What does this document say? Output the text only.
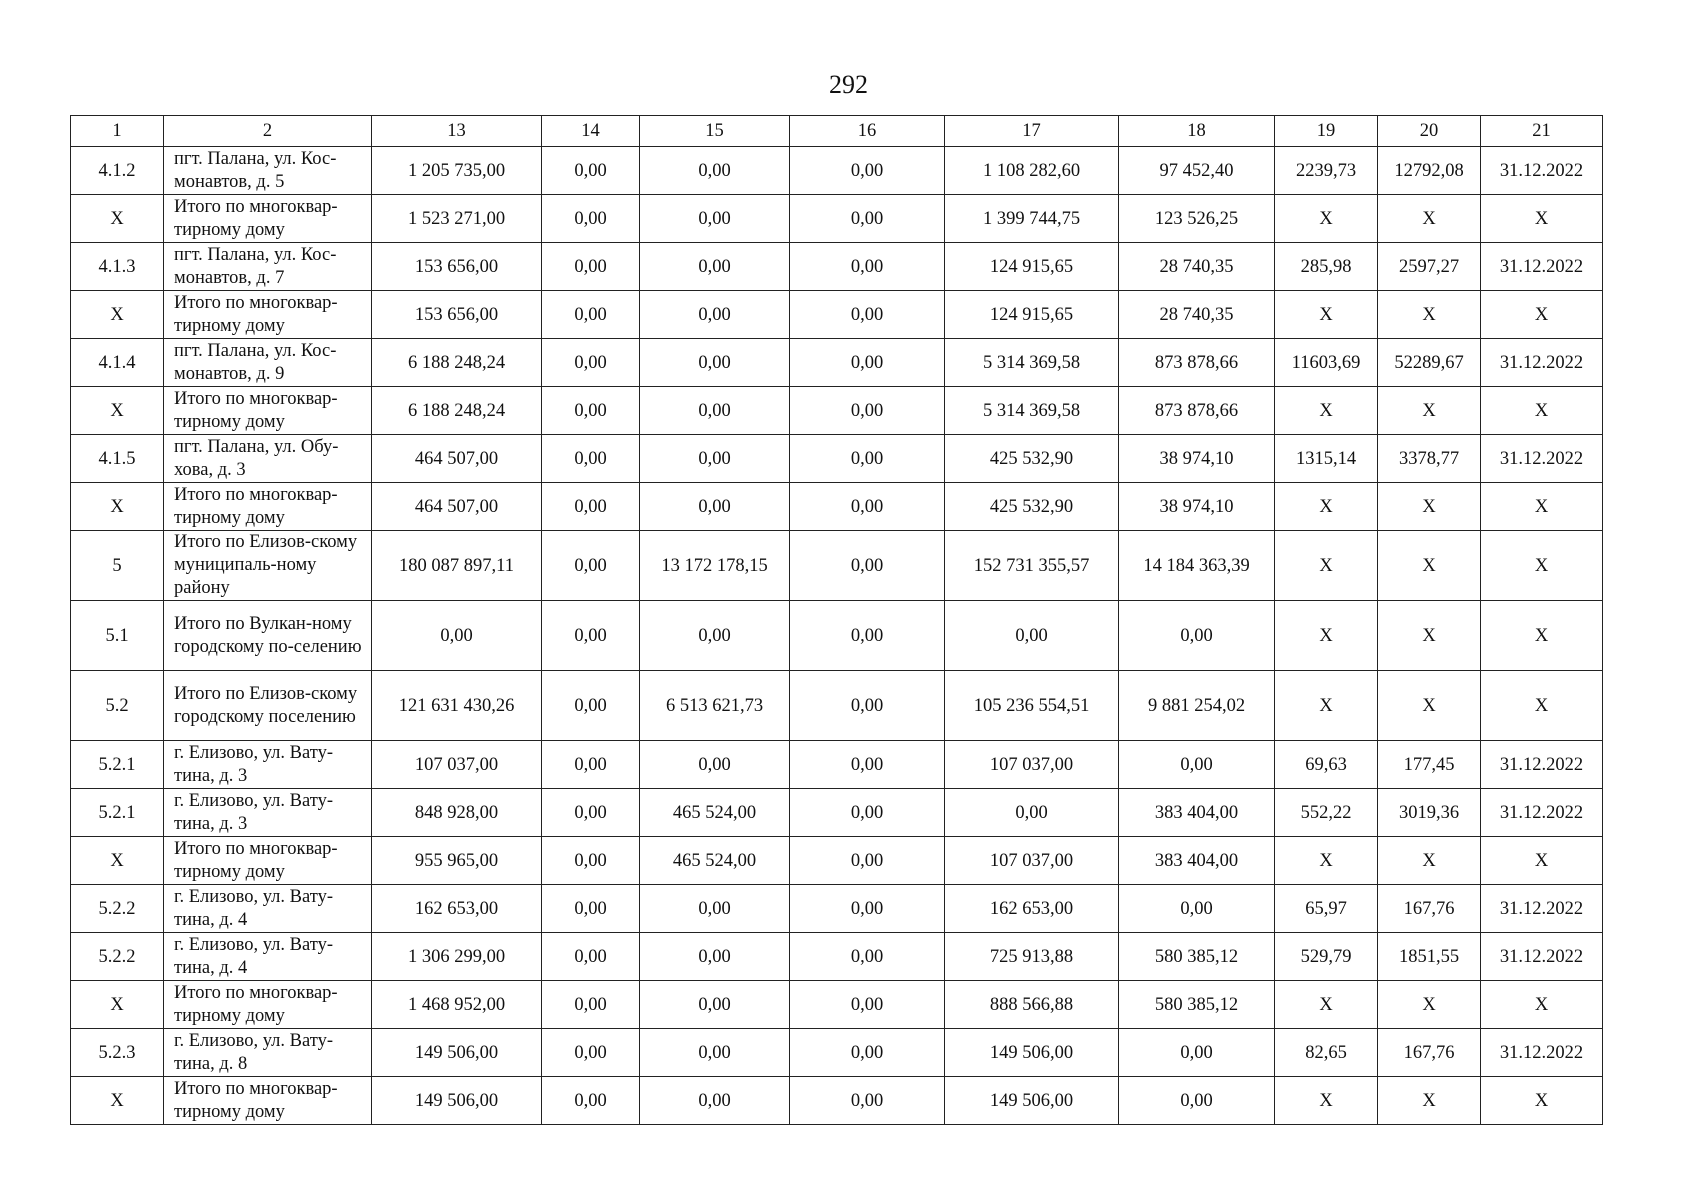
292
1	2	13	14	15	16	17	18	19	20	21
4.1.2	пгт. Палана, ул. Кос-монавтов, д. 5	1 205 735,00	0,00	0,00	0,00	1 108 282,60	97 452,40	2239,73	12792,08	31.12.2022
X	Итого по многоквар-тирному дому	1 523 271,00	0,00	0,00	0,00	1 399 744,75	123 526,25	X	X	X
4.1.3	пгт. Палана, ул. Кос-монавтов, д. 7	153 656,00	0,00	0,00	0,00	124 915,65	28 740,35	285,98	2597,27	31.12.2022
X	Итого по многоквар-тирному дому	153 656,00	0,00	0,00	0,00	124 915,65	28 740,35	X	X	X
4.1.4	пгт. Палана, ул. Кос-монавтов, д. 9	6 188 248,24	0,00	0,00	0,00	5 314 369,58	873 878,66	11603,69	52289,67	31.12.2022
X	Итого по многоквар-тирному дому	6 188 248,24	0,00	0,00	0,00	5 314 369,58	873 878,66	X	X	X
4.1.5	пгт. Палана, ул. Обу-хова, д. 3	464 507,00	0,00	0,00	0,00	425 532,90	38 974,10	1315,14	3378,77	31.12.2022
X	Итого по многоквар-тирному дому	464 507,00	0,00	0,00	0,00	425 532,90	38 974,10	X	X	X
5	Итого по Елизов-скому муниципаль-ному району	180 087 897,11	0,00	13 172 178,15	0,00	152 731 355,57	14 184 363,39	X	X	X
5.1	Итого по Вулкан-ному городскому по-селению	0,00	0,00	0,00	0,00	0,00	0,00	X	X	X
5.2	Итого по Елизов-скому городскому поселению	121 631 430,26	0,00	6 513 621,73	0,00	105 236 554,51	9 881 254,02	X	X	X
5.2.1	г. Елизово, ул. Вату-тина, д. 3	107 037,00	0,00	0,00	0,00	107 037,00	0,00	69,63	177,45	31.12.2022
5.2.1	г. Елизово, ул. Вату-тина, д. 3	848 928,00	0,00	465 524,00	0,00	0,00	383 404,00	552,22	3019,36	31.12.2022
X	Итого по многоквар-тирному дому	955 965,00	0,00	465 524,00	0,00	107 037,00	383 404,00	X	X	X
5.2.2	г. Елизово, ул. Вату-тина, д. 4	162 653,00	0,00	0,00	0,00	162 653,00	0,00	65,97	167,76	31.12.2022
5.2.2	г. Елизово, ул. Вату-тина, д. 4	1 306 299,00	0,00	0,00	0,00	725 913,88	580 385,12	529,79	1851,55	31.12.2022
X	Итого по многоквар-тирному дому	1 468 952,00	0,00	0,00	0,00	888 566,88	580 385,12	X	X	X
5.2.3	г. Елизово, ул. Вату-тина, д. 8	149 506,00	0,00	0,00	0,00	149 506,00	0,00	82,65	167,76	31.12.2022
X	Итого по многоквар-тирному дому	149 506,00	0,00	0,00	0,00	149 506,00	0,00	X	X	X
